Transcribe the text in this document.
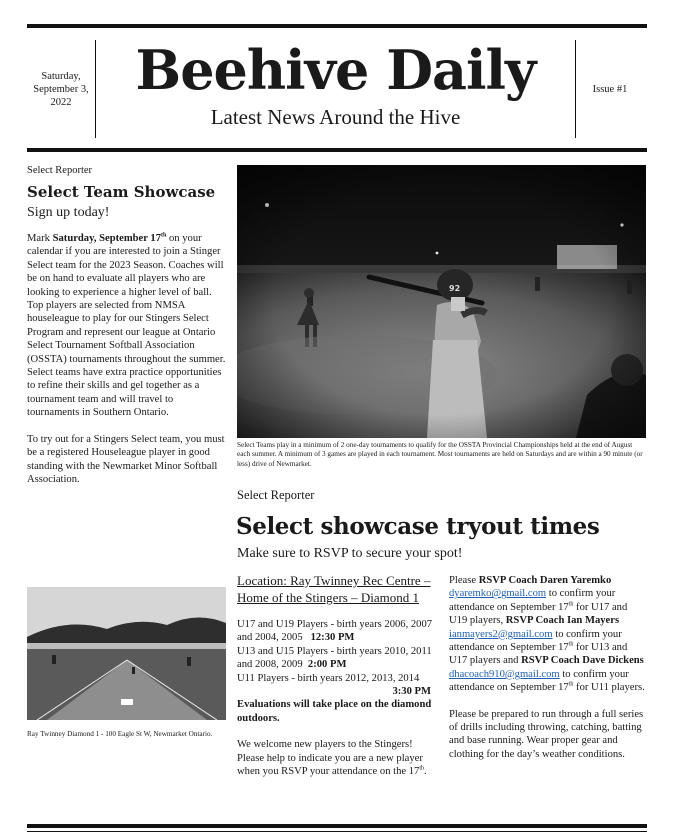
Saturday,
September 3,
2022
Beehive Daily
Latest News Around the Hive
Issue #1
Select Reporter
Select Team Showcase
Sign up today!

Mark Saturday, September 17th on your calendar if you are interested to join a Stinger Select team for the 2023 Season. Coaches will be on hand to evaluate all players who are looking to experience a higher level of ball. Top players are selected from NMSA houseleague to play for our Stingers Select Program and represent our league at Ontario Select Tournament Softball Association (OSSTA) tournaments throughout the summer. Select teams have extra practice opportunities to refine their skills and gel together as a tournament team and will travel to tournaments in Southern Ontario.

To try out for a Stingers Select team, you must be a registered Houseleague player in good standing with the Newmarket Minor Softball Association.

Select Teams play in a minimum of 2 one-day tournaments to qualify for the OSSTA Provincial Championships held at the end of August each summer. A minimum of 3 games are played in each tournament. Most tournaments are held on Saturdays and are within a 90 minute (or less) drive of Newmarket.
Select Reporter
Select showcase tryout times
Make sure to RSVP to secure your spot!
Ray Twinney Diamond 1 - 100 Eagle St W, Newmarket Ontario.
Location: Ray Twinney Rec Centre – Home of the Stingers – Diamond 1
U17 and U19 Players - birth years 2006, 2007 and 2004, 2005 12:30 PM
U13 and U15 Players - birth years 2010, 2011 and 2008, 2009 2:00 PM
U11 Players - birth years 2012, 2013, 2014
3:30 PM
Evaluations will take place on the diamond outdoors.

We welcome new players to the Stingers! Please help to indicate you are a new player when you RSVP your attendance on the 17th.

Please RSVP Coach Daren Yaremko dyaremko@gmail.com to confirm your attendance on September 17th for U17 and U19 players, RSVP Coach Ian Mayers ianmayers2@gmail.com to confirm your attendance on September 17th for U13 and U17 players and RSVP Coach Dave Dickens dhacoach910@gmail.com to confirm your attendance on September 17th for U11 players.

Please be prepared to run through a full series of drills including throwing, catching, batting and base running. Wear proper gear and clothing for the day’s weather conditions.
